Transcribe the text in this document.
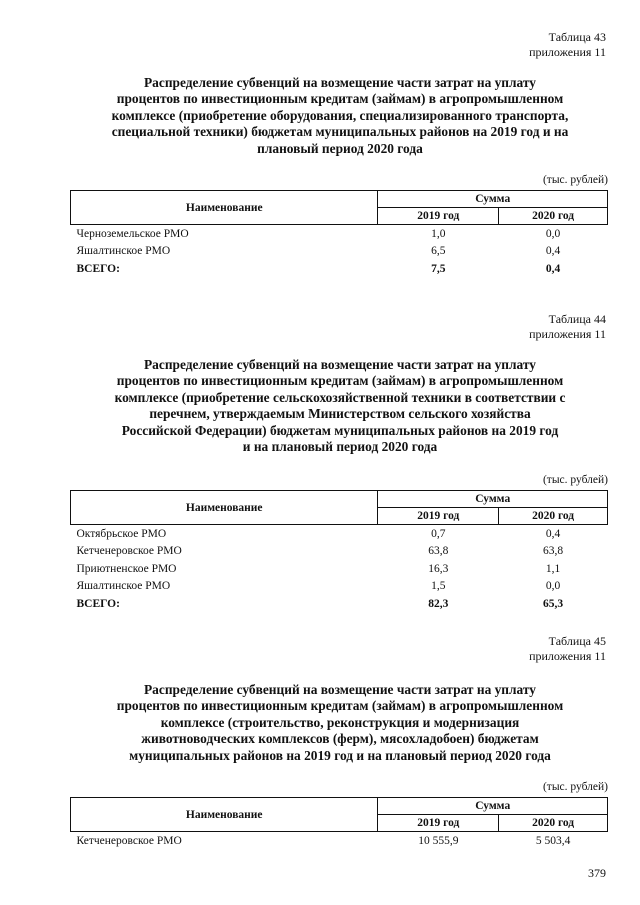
Таблица 43
приложения 11
Распределение субвенций на возмещение части затрат на уплату
процентов по инвестиционным кредитам (займам) в агропромышленном
комплексе (приобретение оборудования, специализированного транспорта,
специальной техники) бюджетам муниципальных районов на 2019 год и на
плановый период 2020 года
(тыс. рублей)
Наименование	Сумма	
	2019 год	2020 год
Черноземельское РМО	1,0	0,0
Яшалтинское РМО	6,5	0,4
ВСЕГО:	7,5	0,4
Таблица 44
приложения 11
Распределение субвенций на возмещение части затрат на уплату
процентов по инвестиционным кредитам (займам) в агропромышленном
комплексе (приобретение сельскохозяйственной техники в соответствии с
перечнем, утверждаемым Министерством сельского хозяйства
Российской Федерации) бюджетам муниципальных районов на 2019 год
и на плановый период 2020 года
(тыс. рублей)
Наименование	Сумма	
	2019 год	2020 год
Октябрьское РМО	0,7	0,4
Кетченеровское РМО	63,8	63,8
Приютненское РМО	16,3	1,1
Яшалтинское РМО	1,5	0,0
ВСЕГО:	82,3	65,3
Таблица 45
приложения 11
Распределение субвенций на возмещение части затрат на уплату
процентов по инвестиционным кредитам (займам) в агропромышленном
комплексе (строительство, реконструкция и модернизация
животноводческих комплексов (ферм), мясохладобоен) бюджетам
муниципальных районов на 2019 год и на плановый период 2020 года
(тыс. рублей)
Наименование	Сумма	
	2019 год	2020 год
Кетченеровское РМО	10 555,9	5 503,4
379
